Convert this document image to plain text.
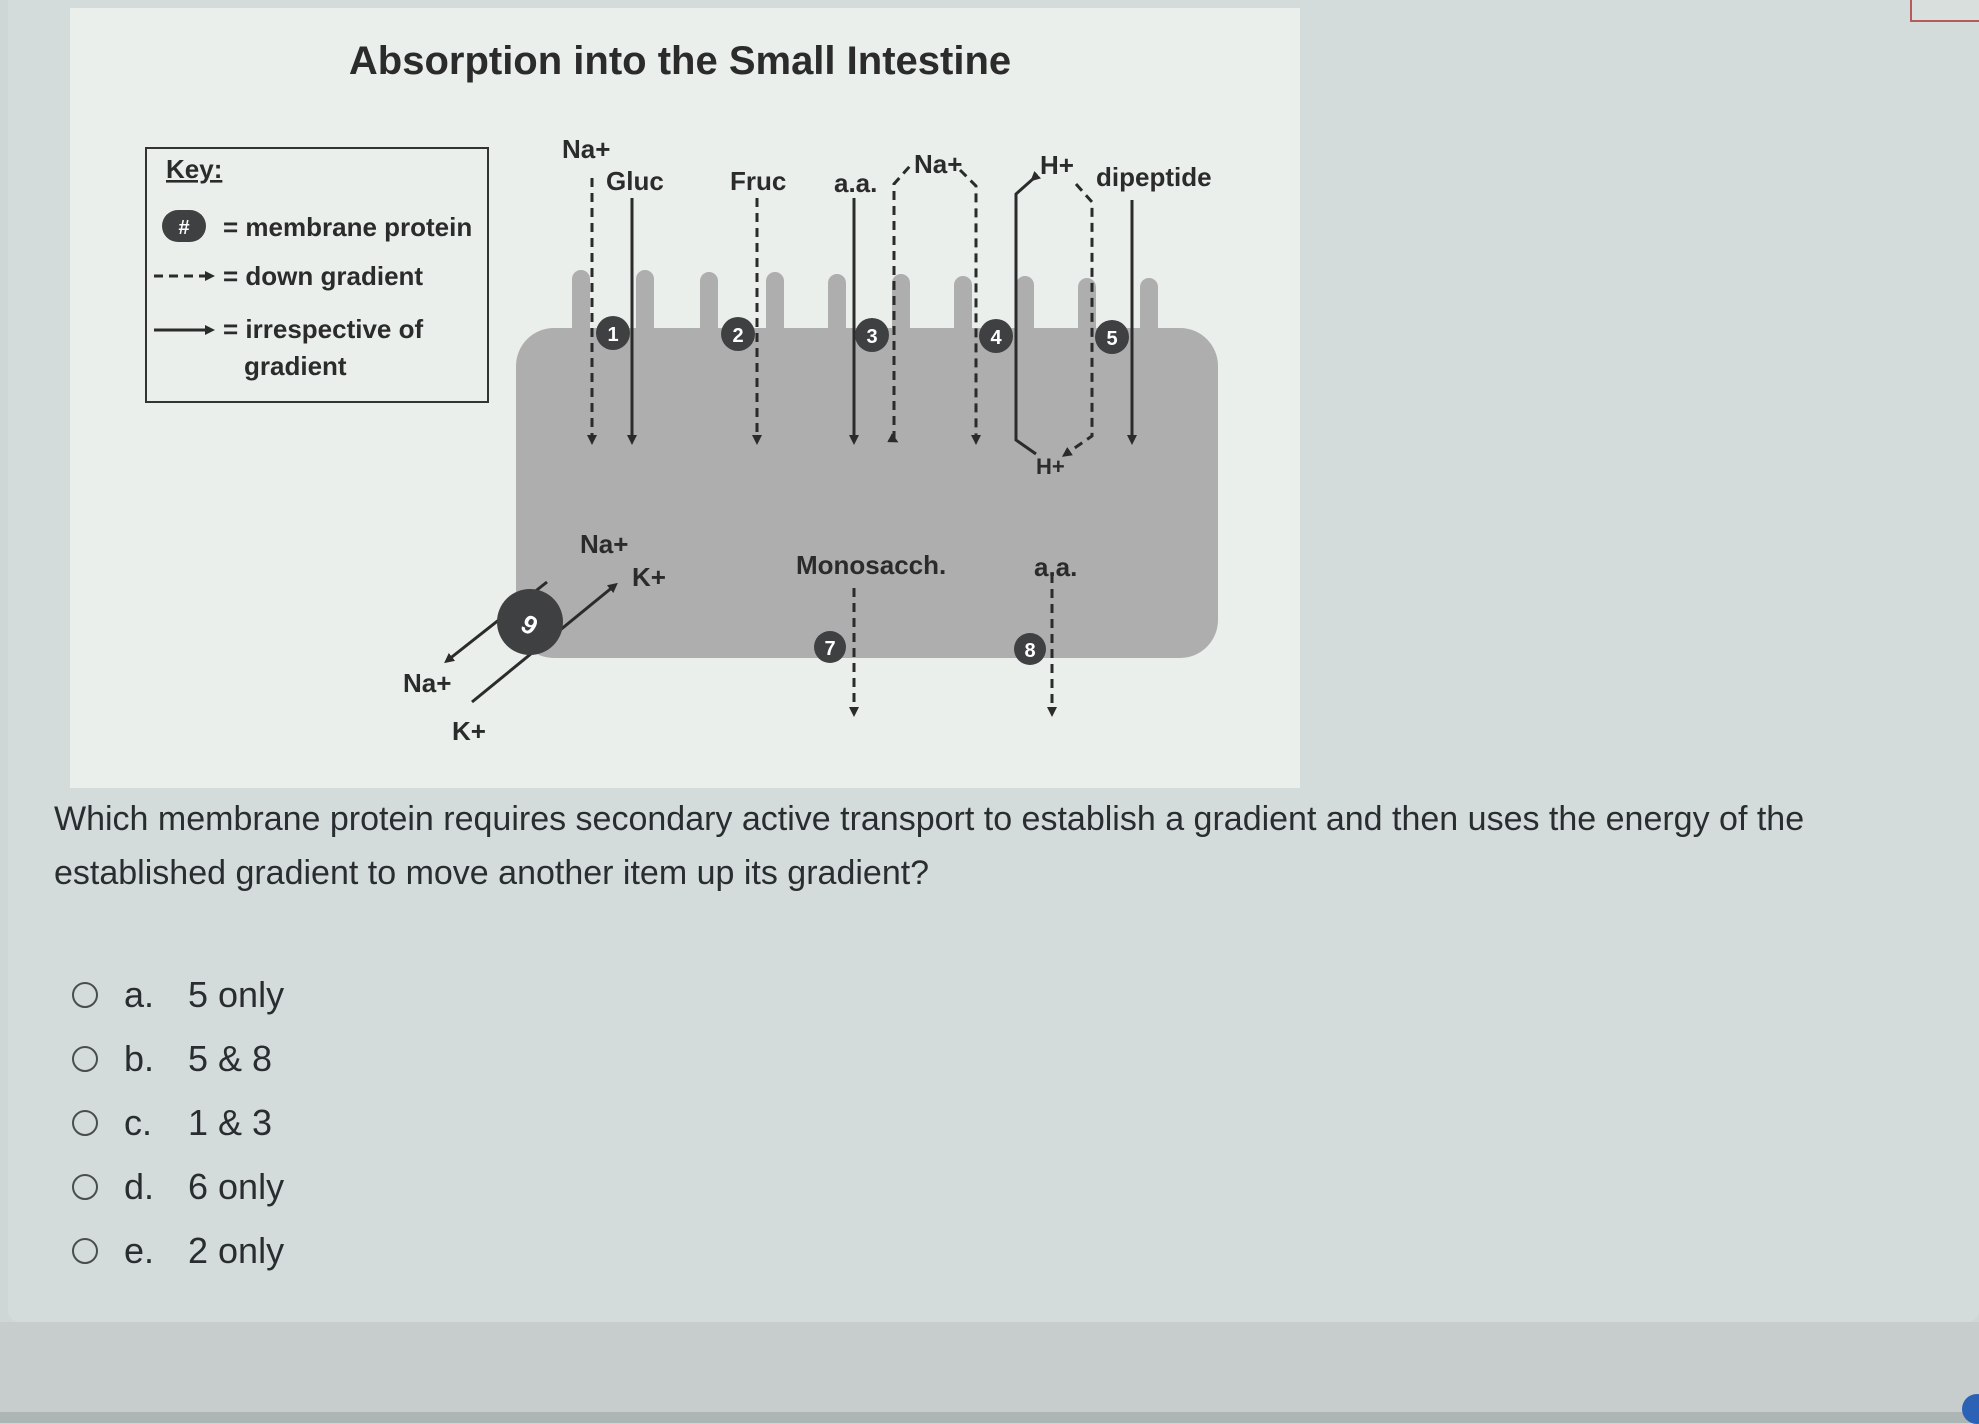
Absorption into the Small Intestine
Key:
# = membrane protein
= down gradient
= irrespective of
gradient
1	2	3	4	5
6
7	8
Na+
Gluc	Fruc a.a.
Na+	H+ dipeptide
H+
Na+
K+	Monosacch.	a.a.
Na+
K+
Which membrane protein requires secondary active transport to establish a gradient and then uses the energy of the
established gradient to move another item up its gradient?
a. 5 only
b. 5 & 8
c. 1 & 3
d. 6 only
e. 2 only
